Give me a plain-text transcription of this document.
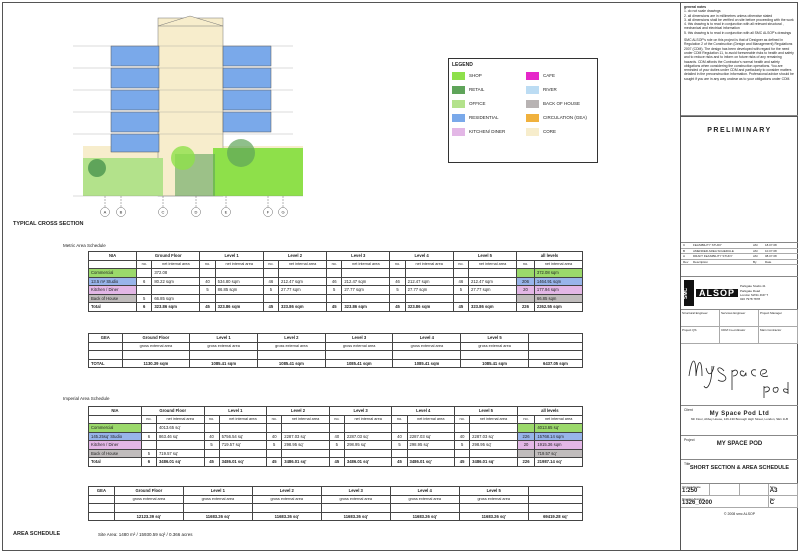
A	B	C	D	E	F	G
LEGEND
SHOP	CAFE
RETAIL	RIVER
OFFICE	BACK OF HOUSE
RESIDENTIAL	CIRCULATION (GEA)
KITCHEN/ DINER	CORE
TYPICAL CROSS SECTION
Metric Area Schedule
Imperial Area Schedule
AREA SCHEDULE	Site Area: 1480 m² / 15930.59 sq² / 0.366 acres
NIA	Ground Floor		Level 1		Level 2		Level 3		Level 4		Level 5		all levels	
	no.	net internal area	no.	net internal area	no.	net internal area	no.	net internal area	no.	net internal area	no.	net internal area	no.	net internal area
Commercial		372.08												372.08 sqm
13.5 m² Studio	6	80.22 sqm	40	534.80 sqm	46	212.47 sqm	46	212.47 sqm	46	212.47 sqm	46	212.47 sqm	206	1464.91 sqm
Kitchen / Diner			5	86.85 sqm	5	27.77 sqm	5	27.77 sqm	5	27.77 sqm	5	27.77 sqm	20	177.94 sqm
Back of House	5	66.85 sqm												66.85 sqm
Total	6	323.86 sqm	45	323.86 sqm	45	323.86 sqm	45	323.86 sqm	45	323.86 sqm	45	323.86 sqm	226	2262.55 sqm
GEA	Ground Floor	Level 1	Level 2	Level 3	Level 4	Level 5	
	gross external area	gross external area	gross external area	gross external area	gross external area	gross external area	

TOTAL	1130.39 sqm	1085.41 sqm	1085.41 sqm	1085.41 sqm	1085.41 sqm	1085.41 sqm	6437.05 sqm
NIA	Ground Floor		Level 1		Level 2		Level 3		Level 4		Level 5		all levels	
	no.	net internal area	no.	net internal area	no.	net internal area	no.	net internal area	no.	net internal area	no.	net internal area	no.	net internal area
Commercial		4013.65 sq'												4013.65 sq'
145.25sq' Studio	6	863.46 sq'	40	5756.54 sq'	40	2287.03 sq'	40	2287.03 sq'	40	2287.03 sq'	40	2287.03 sq'	226	15768.14 sqm
Kitchen / Diner			5	719.57 sq'	5	298.95 sq'	5	298.95 sq'	5	298.95 sq'	5	298.95 sq'	20	1915.36 sqm
Back of House	5	719.57 sq'												719.57 sq'
Total	6	3486.01 sq'	45	3486.01 sq'	45	3486.01 sq'	45	3486.01 sq'	45	3486.01 sq'	45	3486.01 sq'	226	21987.14 sq'
GEA	Ground Floor	Level 1	Level 2	Level 3	Level 4	Level 5	
	gross external area	gross external area	gross external area	gross external area	gross external area	gross external area	

	12123.39 sq'	11683.26 sq'	11683.26 sq'	11683.26 sq'	11683.26 sq'	11683.26 sq'	69419.28 sq'
general notes
1. do not scale drawings
2. all dimensions are in millimetres unless otherwise stated
3. all dimensions shall be verified on site before proceeding with the work
4. this drawing is to read in conjunction with all relevant structural , mechanical and electrical information
5. this drawing is to read in conjunction with all SMC ALSOP's drawings
SMC ALSOP's role on this project is that of Designer as defined in Regulation 2 of the Construction (Design and Management) Regulations 2007 (CDM). The design has been developed with regard for the need under CDM Regulation 11, to avoid foreseeable risks to health and safety and to reduce risks and to inform on future risks of any remaining hazards. CDM affords the Contractor's normal health and safety obligations when considering the construction operations. You are reminded of your duties under CDM and particularly to consider matters detailed in the preconstruction information. Professional advice should be sought if you are in any way unclear as to your obligations under CDM.
PRELIMINARY
C	FEASIBILITY STUDY	AM	18.07.08
B	AMENDED AREA SCHEDULE	AM	10.07.08
A	DRAFT FEASIBILITY STUDY	AM	08.07.08
Rev	Description	By	Date
SMC	ALSOP
Parkgate Studio 41 Parkgate Road London SW11 4NP T 020 7978 7878
Structural Engineer	Services Engineer	Project Manager
Project QS	CDM Co-ordinator	Main Contractor
Client
My Space Pod Ltd
6th Floor, Abbey House, 126-130 Borough High Street, London, SE1 1LB
Project
MY SPACE POD
Title
SHORT SECTION & AREA SCHEDULE
Original Scale
1:250
Size
A3
Drawing Number
1326_0200
Rev
C
© 2008 smc ALSOP
